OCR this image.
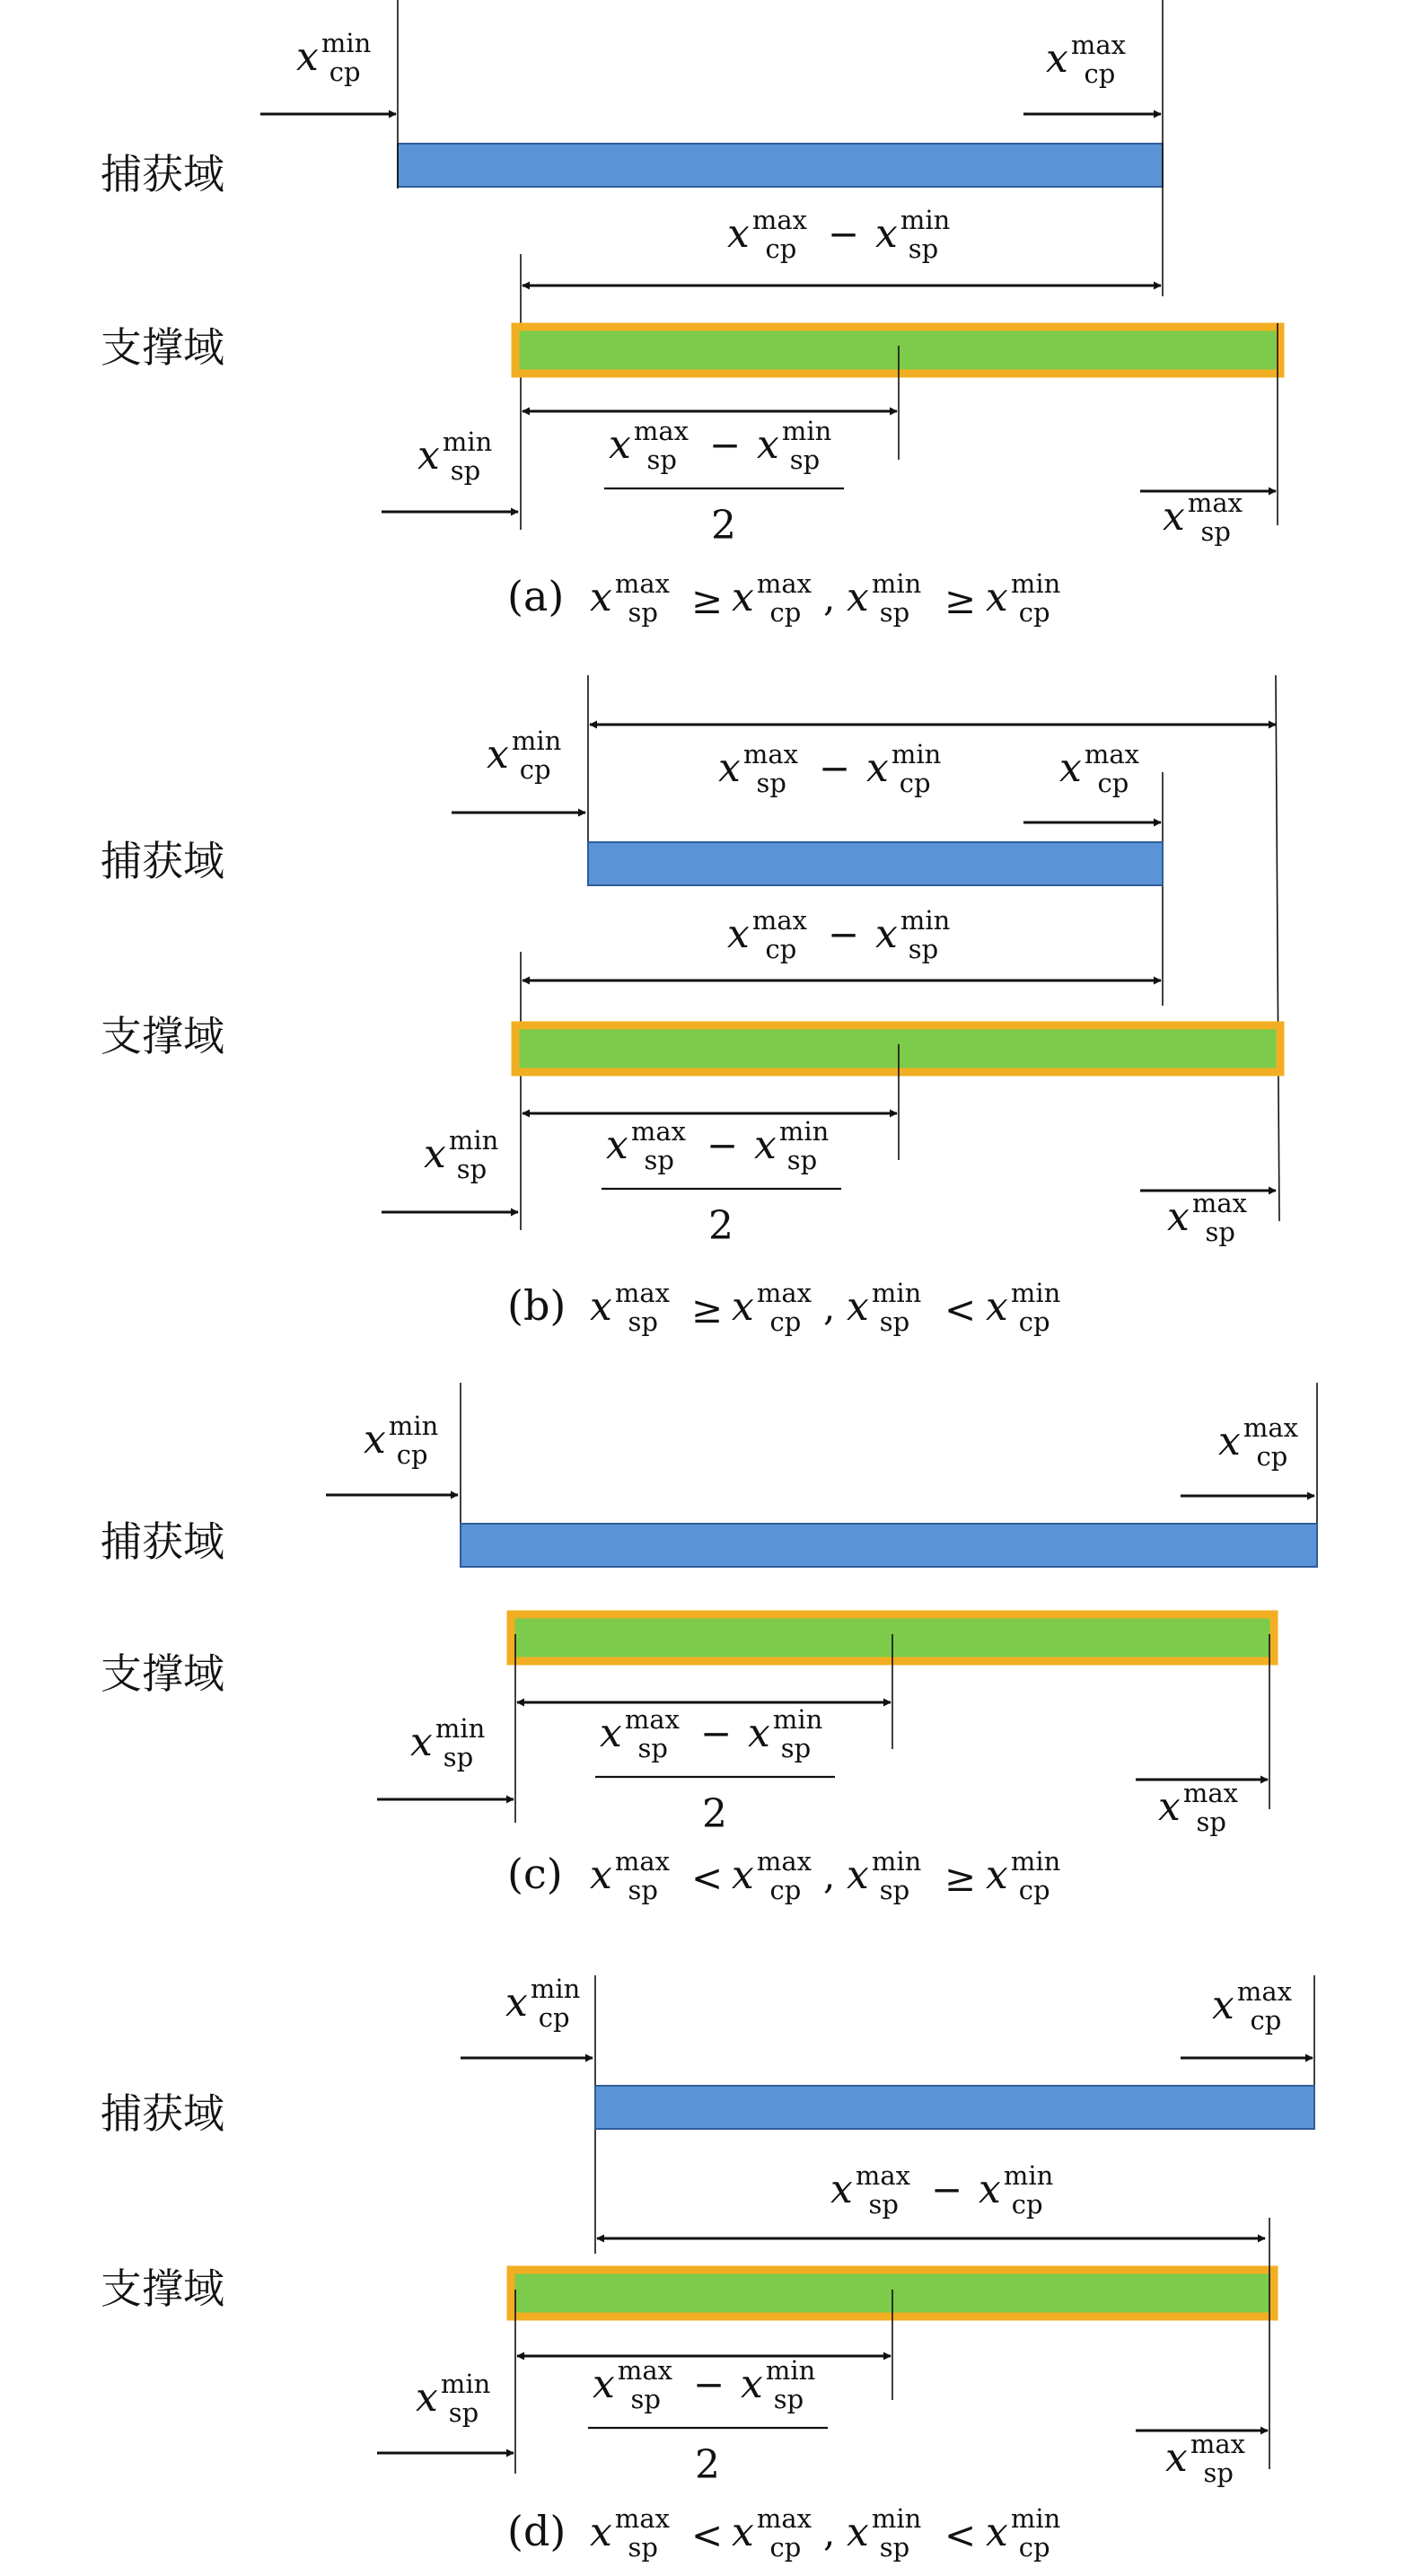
捕获域
支撑域
x $^{min}$ cp	x $^{max}$ cp
x $^{max}$ cp − x $^{min}$ sp
x $^{max}$ sp − x $^{min}$ sp
2
x $^{min}$ sp
x $^{max}$ sp
(a) x $^{max}$ sp ≥ x $^{max}$ cp , x $^{min}$ sp ≥ x $^{min}$ cp
捕获域
支撑域
x $^{max}$ sp − x $^{min}$ cp
x $^{min}$ cp	x $^{max}$ cp
x $^{max}$ cp − x $^{min}$ sp
x $^{max}$ sp − x $^{min}$ sp
2
x $^{min}$ sp
x $^{max}$ sp
(b) x $^{max}$ sp ≥ x $^{max}$ cp , x $^{min}$ sp < x $^{min}$ cp
捕获域
支撑域
x $^{min}$ cp	x $^{max}$ cp
x $^{max}$ sp − x $^{min}$ sp
2
x $^{min}$ sp
x $^{max}$ sp
(c) x $^{max}$ sp < x $^{max}$ cp , x $^{min}$ sp ≥ x $^{min}$ cp
捕获域
支撑域
x $^{min}$ cp	x $^{max}$ cp
x $^{max}$ sp − x $^{min}$ cp
x $^{max}$ sp − x $^{min}$ sp
2
x $^{min}$ sp
x $^{max}$ sp
(d) x $^{max}$ sp < x $^{max}$ cp , x $^{min}$ sp < x $^{min}$ cp
